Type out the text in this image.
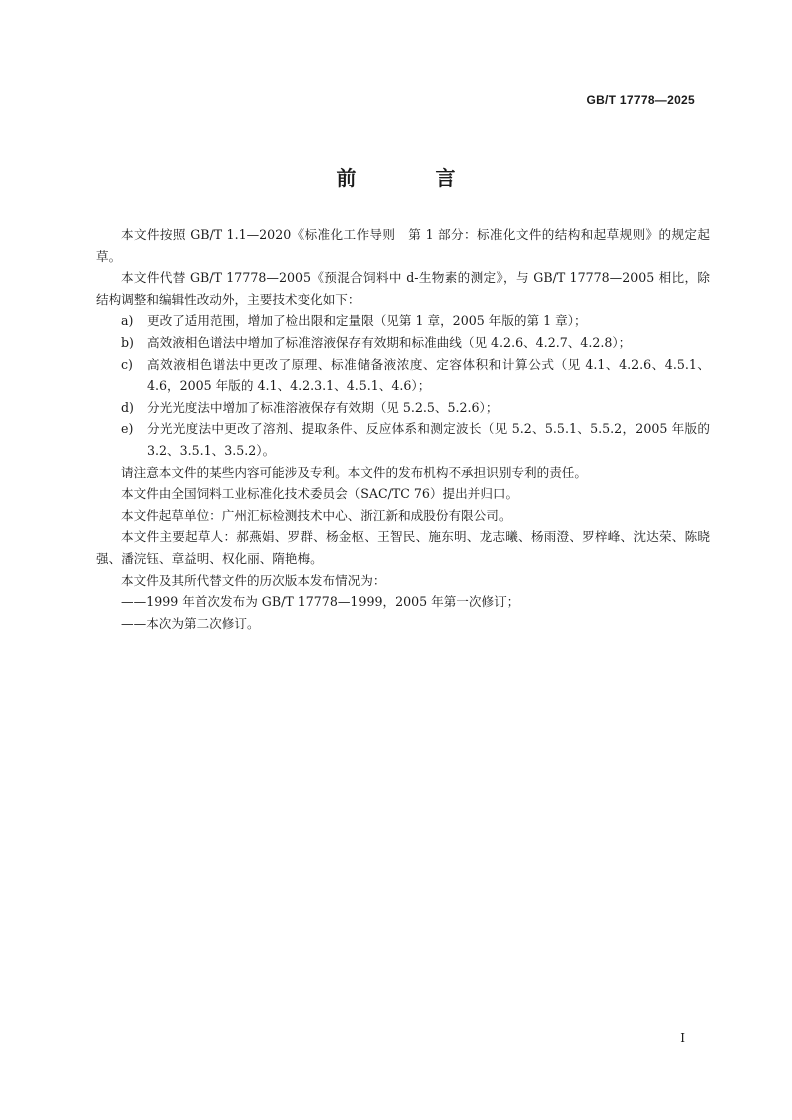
GB/T 17778—2025
前 言

本文件按照 GB/T 1.1—2020《标准化工作导则　第 1 部分：标准化文件的结构和起草规则》的规定起草。

本文件代替 GB/T 17778—2005《预混合饲料中 d-生物素的测定》，与 GB/T 17778—2005 相比，除结构调整和编辑性改动外，主要技术变化如下：

a) 更改了适用范围，增加了检出限和定量限（见第 1 章，2005 年版的第 1 章）；
b) 高效液相色谱法中增加了标准溶液保存有效期和标准曲线（见 4.2.6、4.2.7、4.2.8）；
c) 高效液相色谱法中更改了原理、标准储备液浓度、定容体积和计算公式（见 4.1、4.2.6、4.5.1、4.6，2005 年版的 4.1、4.2.3.1、4.5.1、4.6）；
d) 分光光度法中增加了标准溶液保存有效期（见 5.2.5、5.2.6）；
e) 分光光度法中更改了溶剂、提取条件、反应体系和测定波长（见 5.2、5.5.1、5.5.2，2005 年版的 3.2、3.5.1、3.5.2）。

请注意本文件的某些内容可能涉及专利。本文件的发布机构不承担识别专利的责任。

本文件由全国饲料工业标准化技术委员会（SAC/TC 76）提出并归口。

本文件起草单位：广州汇标检测技术中心、浙江新和成股份有限公司。

本文件主要起草人：郝燕娟、罗群、杨金枢、王智民、施东明、龙志曦、杨雨澄、罗梓峰、沈达荣、陈晓强、潘浣钰、章益明、权化丽、隋艳梅。

本文件及其所代替文件的历次版本发布情况为：

——1999 年首次发布为 GB/T 17778—1999，2005 年第一次修订；

——本次为第二次修订。

I
